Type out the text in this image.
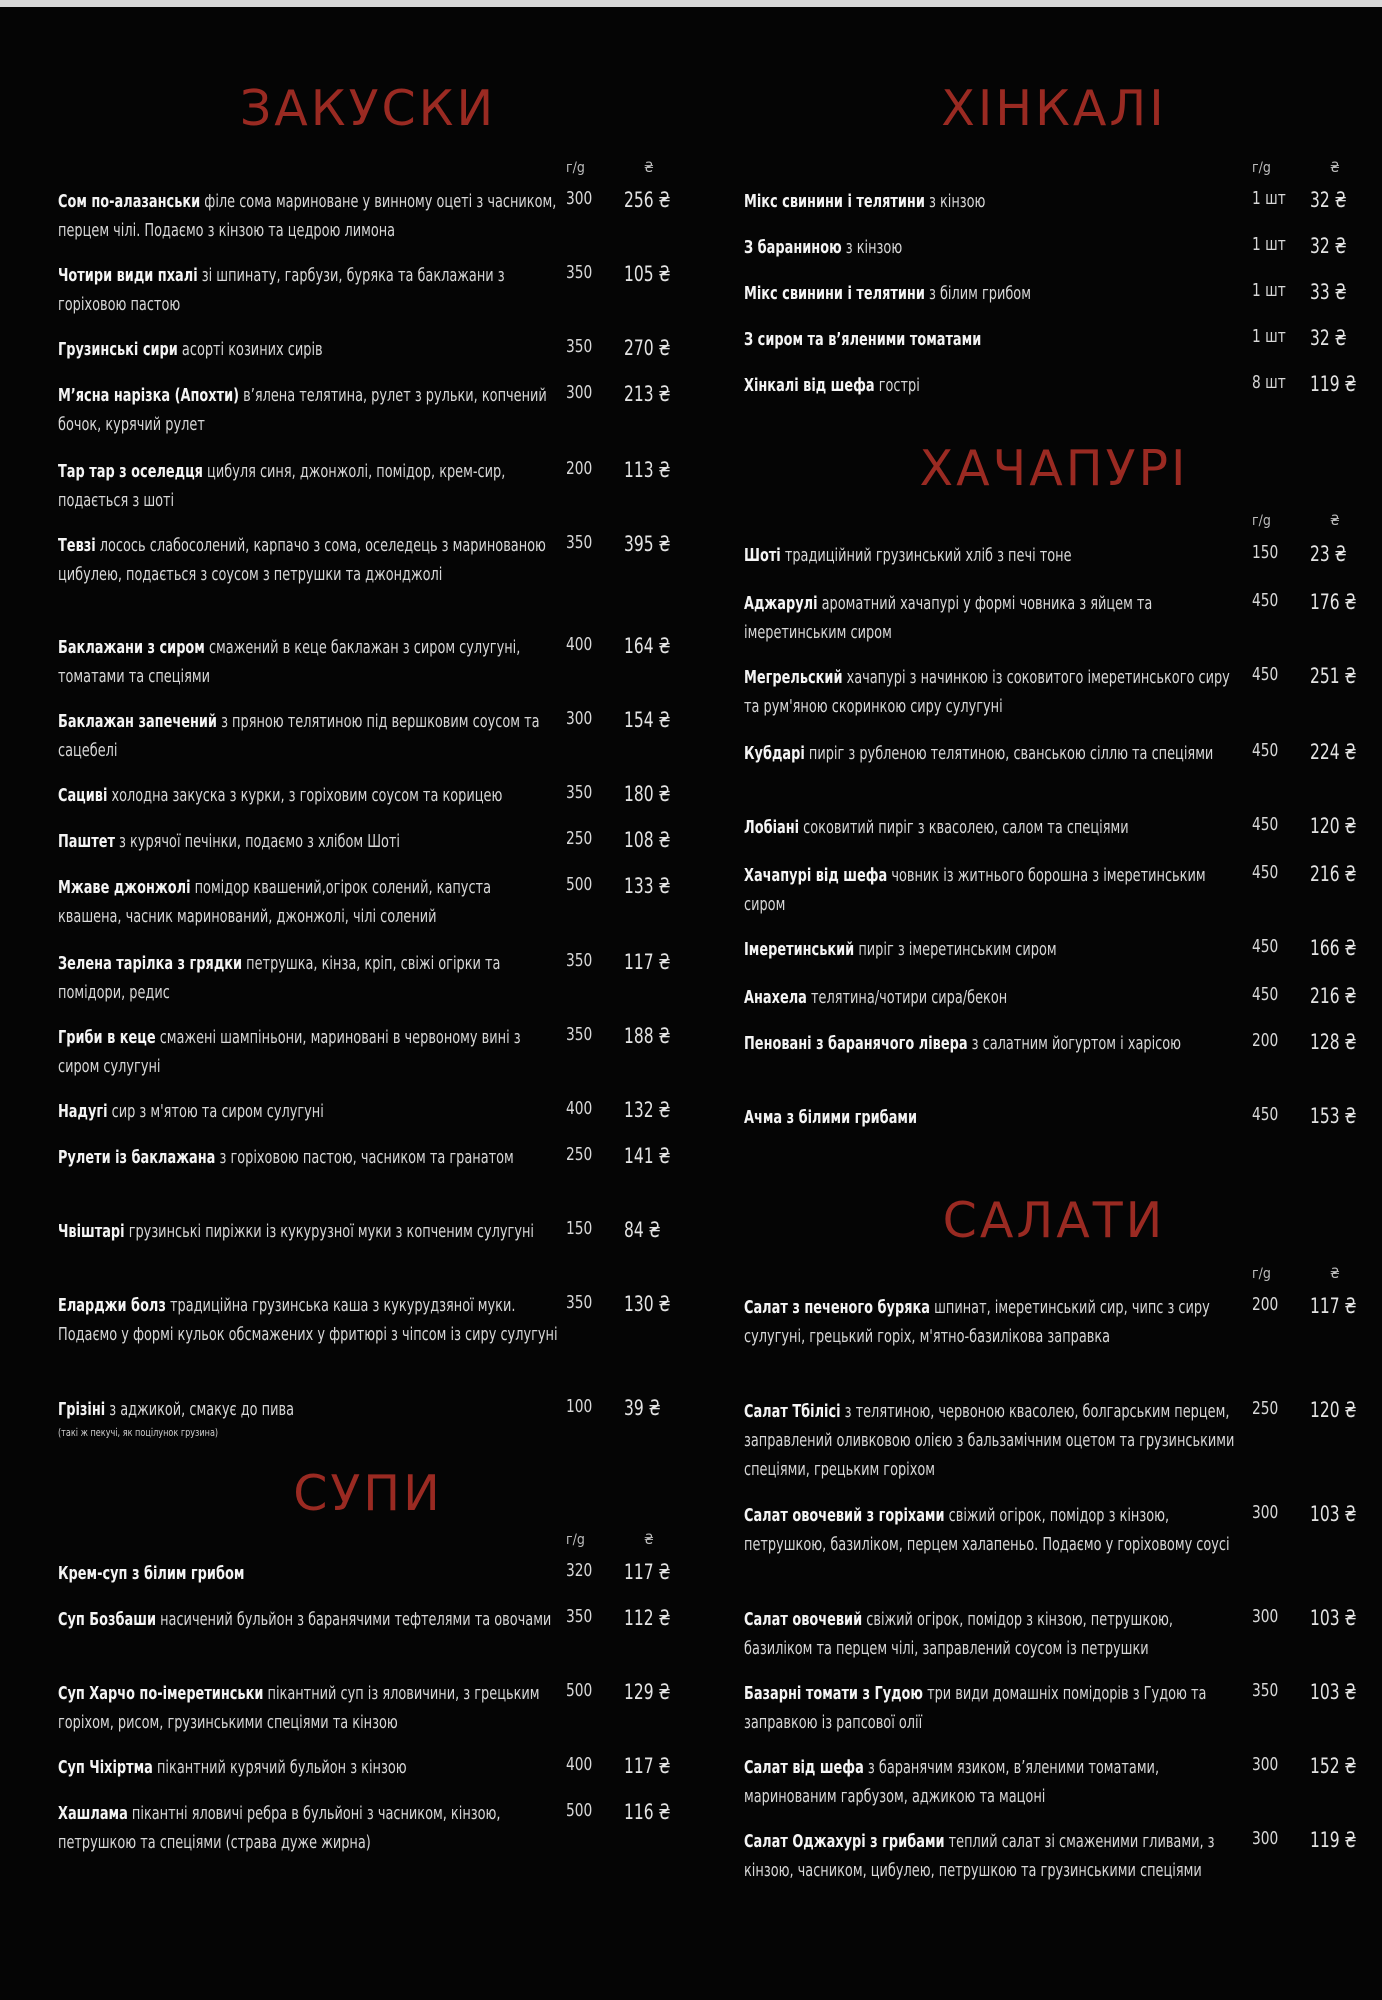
ЗАКУСКИ
г/g	₴
Сом по-алазанськи філе сома мариноване у винному оцеті з часником, перцем чілі. Подаємо з кінзою та цедрою лимона
300 256 ₴
Чотири види пхалі зі шпинату, гарбузи, буряка та баклажани з горіховою пастою
350 105 ₴
Грузинські сири асорті козиних сирів	350 270 ₴
М’ясна нарізка (Апохти) в’ялена телятина, рулет з рульки, копчений бочок, курячий рулет
300 213 ₴
Тар тар з оселедця цибуля синя, джонжолі, помідор, крем-сир, подається з шоті
200 113 ₴
Тевзі лосось слабосолений, карпачо з сома, оселедець з маринованою цибулею, подається з соусом з петрушки та джонджолі
350 395 ₴
Баклажани з сиром смажений в кеце баклажан з сиром сулугуні, томатами та спеціями
400 164 ₴
Баклажан запечений з пряною телятиною під вершковим соусом та сацебелі
300 154 ₴
Сациві холодна закуска з курки, з горіховим соусом та корицею	350 180 ₴
Паштет з курячої печінки, подаємо з хлібом Шоті	250 108 ₴
Мжаве джонжолі помідор квашений,огірок солений, капуста квашена, часник маринований, джонжолі, чілі солений
500 133 ₴
Зелена тарілка з грядки петрушка, кінза, кріп, свіжі огірки та помідори, редис
350 117 ₴
Гриби в кеце смажені шампіньони, мариновані в червоному вині з сиром сулугуні
350 188 ₴
Надугі сир з м'ятою та сиром сулугуні	400 132 ₴
Рулети із баклажана з горіховою пастою, часником та гранатом	250 141 ₴
Чвіштарі грузинські пиріжки із кукурузної муки з копченим сулугуні	150 84 ₴
Еларджи болз традиційна грузинська каша з кукурудзяної муки. Подаємо у формі кульок обсмажених у фритюрі з чіпсом із сиру сулугуні
350 130 ₴
Грізіні з аджикой, смакує до пива
(такі ж пекучі, як поцілунок грузина)
100 39 ₴
СУПИ
г/g	₴
Крем-суп з білим грибом	320 117 ₴
Суп Бозбаши насичений бульйон з баранячими тефтелями та овочами 350 112 ₴
Суп Харчо по-імеретинськи пікантний суп із яловичини, з грецьким горіхом, рисом, грузинськими спеціями та кінзою
500 129 ₴
Суп Чіхіртма пікантний курячий бульйон з кінзою	400 117 ₴
Хашлама пікантні яловичі ребра в бульйоні з часником, кінзою, петрушкою та спеціями (страва дуже жирна)
500 116 ₴
ХІНКАЛІ
г/g	₴
Мікс свинини і телятини з кінзою	1 шт 32 ₴
З бараниною з кінзою	1 шт 32 ₴
Мікс свинини і телятини з білим грибом	1 шт 33 ₴
З сиром та в’яленими томатами	1 шт 32 ₴
Хінкалі від шефа гострі	8 шт 119 ₴
ХАЧАПУРІ
г/g	₴
Шоті традиційний грузинський хліб з печі тоне	150 23 ₴
Аджарулі ароматний хачапурі у формі човника з яйцем та імеретинським сиром
450 176 ₴
Мегрельский хачапурі з начинкою із соковитого імеретинського сиру та рум'яною скоринкою сиру сулугуні
450 251 ₴
Кубдарі пиріг з рубленою телятиною, сванською сіллю та спеціями	450 224 ₴
Лобіані соковитий пиріг з квасолею, салом та спеціями	450 120 ₴
Хачапурі від шефа човник із житнього борошна з імеретинським сиром
450 216 ₴
Імеретинський пиріг з імеретинським сиром	450 166 ₴
Анахела телятина/чотири сира/бекон	450 216 ₴
Пеновані з баранячого лівера з салатним йогуртом і харісою	200 128 ₴
Ачма з білими грибами	450 153 ₴
САЛАТИ
г/g	₴
Салат з печеного буряка шпинат, імеретинський сир, чипс з сиру сулугуні, грецький горіх, м'ятно-базилікова заправка
200 117 ₴
Салат Тбілісі з телятиною, червоною квасолею, болгарським перцем, заправлений оливковою олією з бальзамічним оцетом та грузинськими спеціями, грецьким горіхом
250 120 ₴
Салат овочевий з горіхами свіжий огірок, помідор з кінзою, петрушкою, базиліком, перцем халапеньо. Подаємо у горіховому соусі
300 103 ₴
Салат овочевий свіжий огірок, помідор з кінзою, петрушкою, базиліком та перцем чілі, заправлений соусом із петрушки
300 103 ₴
Базарні томати з Гудою три види домашніх помідорів з Гудою та заправкою із рапсової олії
350 103 ₴
Салат від шефа з баранячим язиком, в’яленими томатами, маринованим гарбузом, аджикою та мацоні
300 152 ₴
Салат Оджахурі з грибами теплий салат зі смаженими гливами, з кінзою, часником, цибулею, петрушкою та грузинськими спеціями
300 119 ₴
